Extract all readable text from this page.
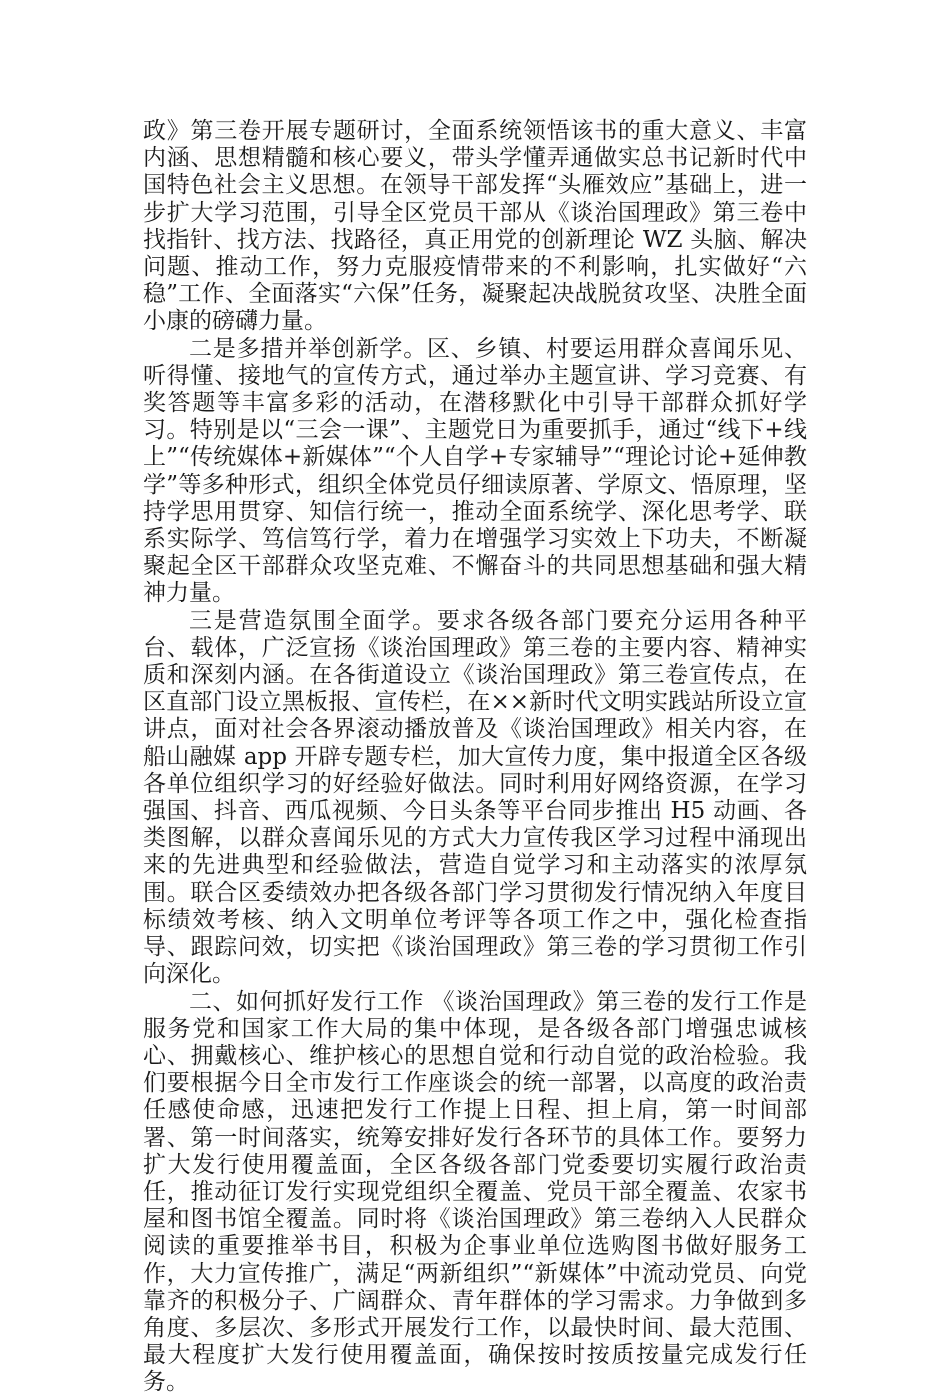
政》第三卷开展专题研讨，全面系统领悟该书的重大意义、丰富内涵、思想精髓和核心要义，带头学懂弄通做实总书记新时代中国特色社会主义思想。在领导干部发挥“头雁效应”基础上，进一步扩大学习范围，引导全区党员干部从《谈治国理政》第三卷中找指针、找方法、找路径，真正用党的创新理论 WZ 头脑、解决问题、推动工作，努力克服疫情带来的不利影响，扎实做好“六稳”工作、全面落实“六保”任务，凝聚起决战脱贫攻坚、决胜全面小康的磅礴力量。

二是多措并举创新学。区、乡镇、村要运用群众喜闻乐见、听得懂、接地气的宣传方式，通过举办主题宣讲、学习竞赛、有奖答题等丰富多彩的活动，在潜移默化中引导干部群众抓好学习。特别是以“三会一课”、主题党日为重要抓手，通过“线下+线上”“传统媒体+新媒体”“个人自学+专家辅导”“理论讨论+延伸教学”等多种形式，组织全体党员仔细读原著、学原文、悟原理，坚持学思用贯穿、知信行统一，推动全面系统学、深化思考学、联系实际学、笃信笃行学，着力在增强学习实效上下功夫，不断凝聚起全区干部群众攻坚克难、不懈奋斗的共同思想基础和强大精神力量。

三是营造氛围全面学。要求各级各部门要充分运用各种平台、载体，广泛宣扬《谈治国理政》第三卷的主要内容、精神实质和深刻内涵。在各街道设立《谈治国理政》第三卷宣传点，在区直部门设立黑板报、宣传栏，在××新时代文明实践站所设立宣讲点，面对社会各界滚动播放普及《谈治国理政》相关内容，在船山融媒 app 开辟专题专栏，加大宣传力度，集中报道全区各级各单位组织学习的好经验好做法。同时利用好网络资源，在学习强国、抖音、西瓜视频、今日头条等平台同步推出 H5 动画、各类图解，以群众喜闻乐见的方式大力宣传我区学习过程中涌现出来的先进典型和经验做法，营造自觉学习和主动落实的浓厚氛围。联合区委绩效办把各级各部门学习贯彻发行情况纳入年度目标绩效考核、纳入文明单位考评等各项工作之中，强化检查指导、跟踪问效，切实把《谈治国理政》第三卷的学习贯彻工作引向深化。

二、如何抓好发行工作 《谈治国理政》第三卷的发行工作是服务党和国家工作大局的集中体现，是各级各部门增强忠诚核心、拥戴核心、维护核心的思想自觉和行动自觉的政治检验。我们要根据今日全市发行工作座谈会的统一部署，以高度的政治责任感使命感，迅速把发行工作提上日程、担上肩，第一时间部署、第一时间落实，统筹安排好发行各环节的具体工作。要努力扩大发行使用覆盖面，全区各级各部门党委要切实履行政治责任，推动征订发行实现党组织全覆盖、党员干部全覆盖、农家书屋和图书馆全覆盖。同时将《谈治国理政》第三卷纳入人民群众阅读的重要推举书目，积极为企事业单位选购图书做好服务工作，大力宣传推广，满足“两新组织”“新媒体”中流动党员、向党靠齐的积极分子、广阔群众、青年群体的学习需求。力争做到多角度、多层次、多形式开展发行工作，以最快时间、最大范围、最大程度扩大发行使用覆盖面，确保按时按质按量完成发行任务。
